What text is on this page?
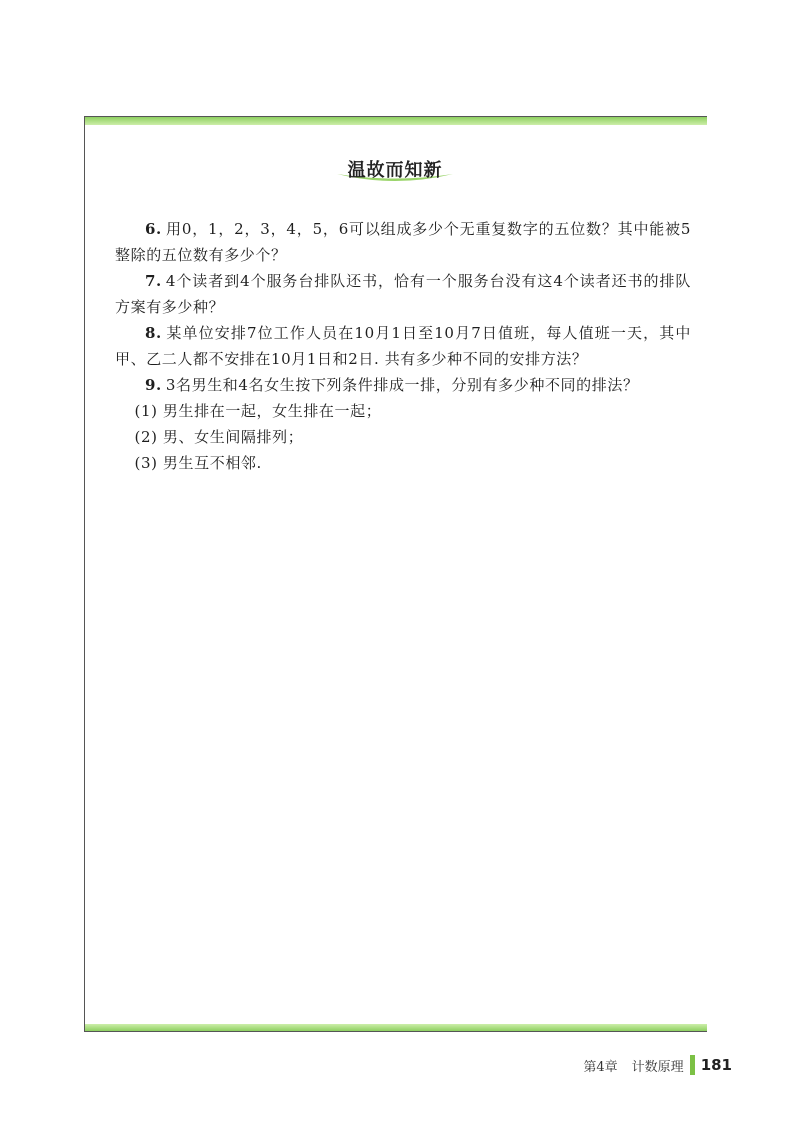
温故而知新

6. 用0，1，2，3，4，5，6可以组成多少个无重复数字的五位数？其中能被5整除的五位数有多少个？

7. 4个读者到4个服务台排队还书，恰有一个服务台没有这4个读者还书的排队方案有多少种？

8. 某单位安排7位工作人员在10月1日至10月7日值班，每人值班一天，其中甲、乙二人都不安排在10月1日和2日. 共有多少种不同的安排方法？

9. 3名男生和4名女生按下列条件排成一排，分别有多少种不同的排法？

(1) 男生排在一起，女生排在一起；

(2) 男、女生间隔排列；

(3) 男生互不相邻.

第4章 计数原理 181
